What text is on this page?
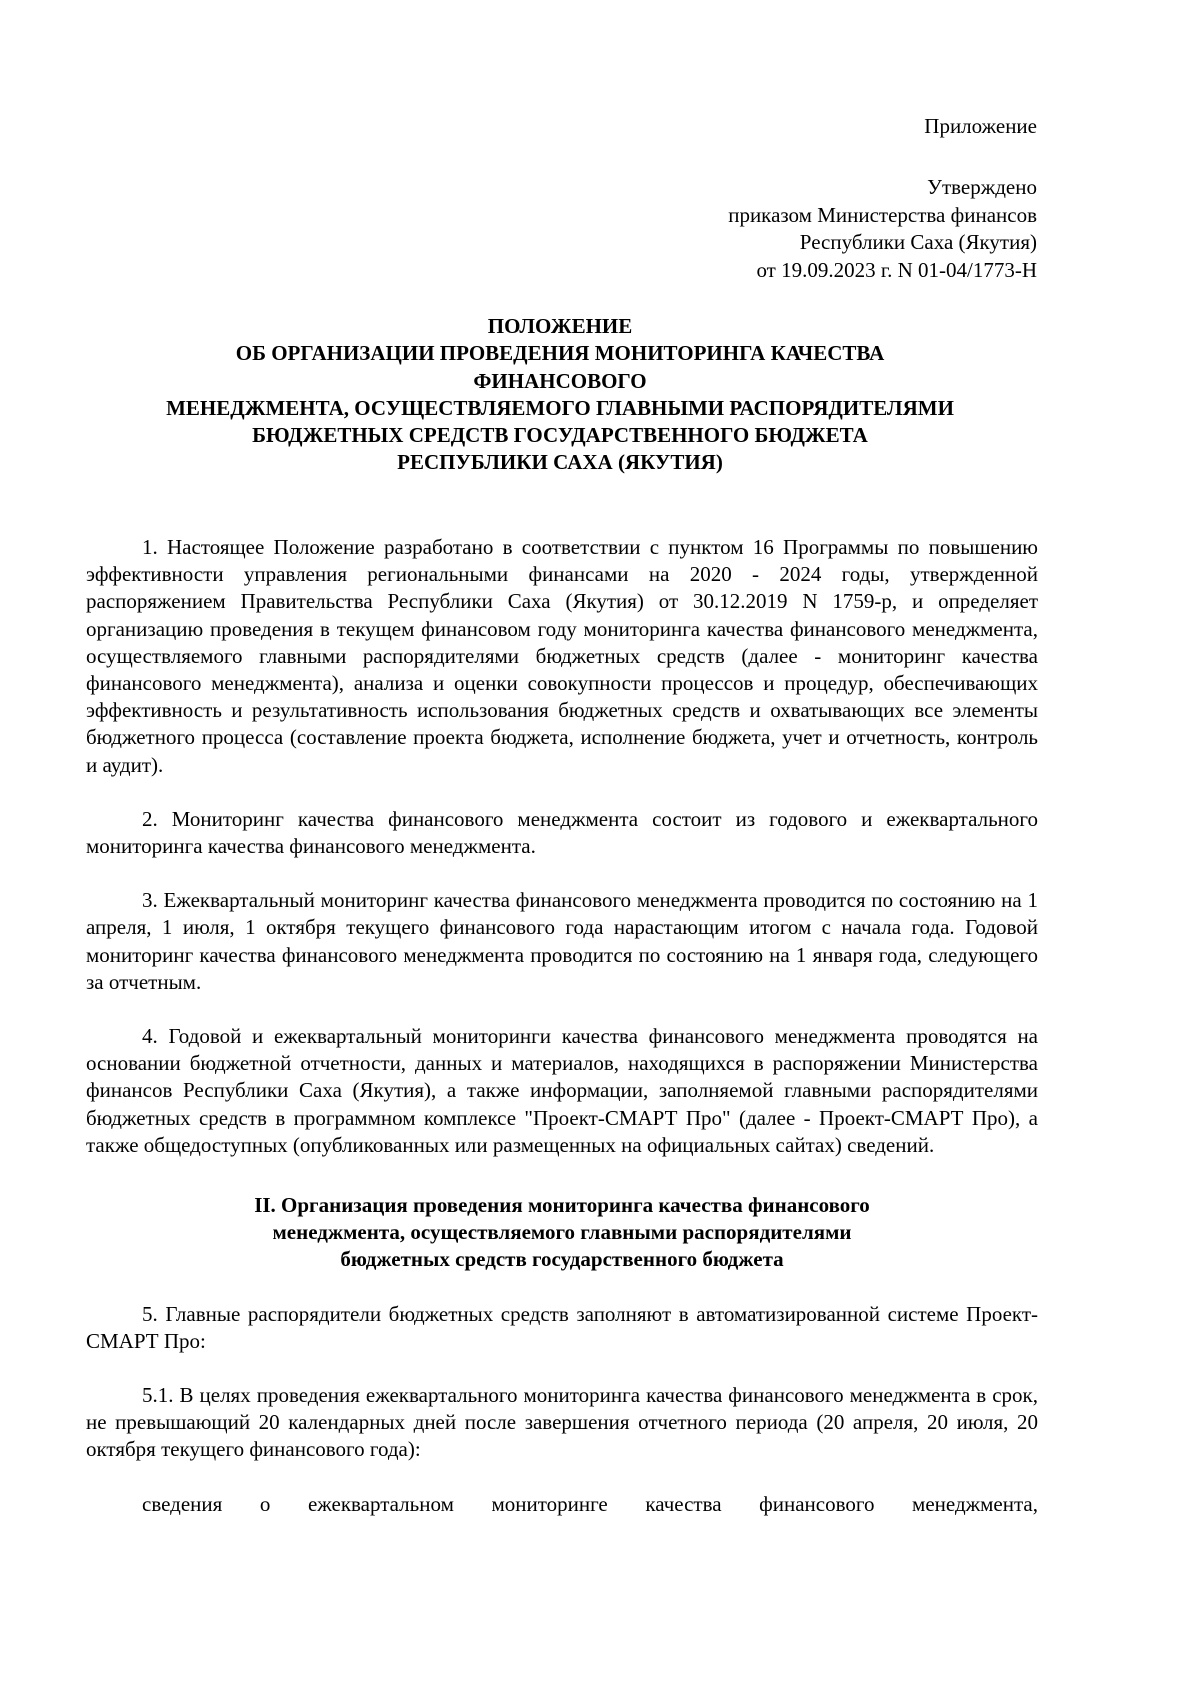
Приложение
Утверждено
приказом Министерства финансов
Республики Саха (Якутия)
от 19.09.2023 г. N 01-04/1773-Н
ПОЛОЖЕНИЕ
ОБ ОРГАНИЗАЦИИ ПРОВЕДЕНИЯ МОНИТОРИНГА КАЧЕСТВА
ФИНАНСОВОГО
МЕНЕДЖМЕНТА, ОСУЩЕСТВЛЯЕМОГО ГЛАВНЫМИ РАСПОРЯДИТЕЛЯМИ
БЮДЖЕТНЫХ СРЕДСТВ ГОСУДАРСТВЕННОГО БЮДЖЕТА
РЕСПУБЛИКИ САХА (ЯКУТИЯ)

1. Настоящее Положение разработано в соответствии с пунктом 16 Программы по повышению эффективности управления региональными финансами на 2020 - 2024 годы, утвержденной распоряжением Правительства Республики Саха (Якутия) от 30.12.2019 N 1759-р, и определяет организацию проведения в текущем финансовом году мониторинга качества финансового менеджмента, осуществляемого главными распорядителями бюджетных средств (далее - мониторинг качества финансового менеджмента), анализа и оценки совокупности процессов и процедур, обеспечивающих эффективность и результативность использования бюджетных средств и охватывающих все элементы бюджетного процесса (составление проекта бюджета, исполнение бюджета, учет и отчетность, контроль и аудит).

2. Мониторинг качества финансового менеджмента состоит из годового и ежеквартального мониторинга качества финансового менеджмента.

3. Ежеквартальный мониторинг качества финансового менеджмента проводится по состоянию на 1 апреля, 1 июля, 1 октября текущего финансового года нарастающим итогом с начала года. Годовой мониторинг качества финансового менеджмента проводится по состоянию на 1 января года, следующего за отчетным.

4. Годовой и ежеквартальный мониторинги качества финансового менеджмента проводятся на основании бюджетной отчетности, данных и материалов, находящихся в распоряжении Министерства финансов Республики Саха (Якутия), а также информации, заполняемой главными распорядителями бюджетных средств в программном комплексе "Проект-СМАРТ Про" (далее - Проект-СМАРТ Про), а также общедоступных (опубликованных или размещенных на официальных сайтах) сведений.

II. Организация проведения мониторинга качества финансового
менеджмента, осуществляемого главными распорядителями
бюджетных средств государственного бюджета

5. Главные распорядители бюджетных средств заполняют в автоматизированной системе Проект-СМАРТ Про:

5.1. В целях проведения ежеквартального мониторинга качества финансового менеджмента в срок, не превышающий 20 календарных дней после завершения отчетного периода (20 апреля, 20 июля, 20 октября текущего финансового года):

сведения о ежеквартальном мониторинге качества финансового менеджмента,
